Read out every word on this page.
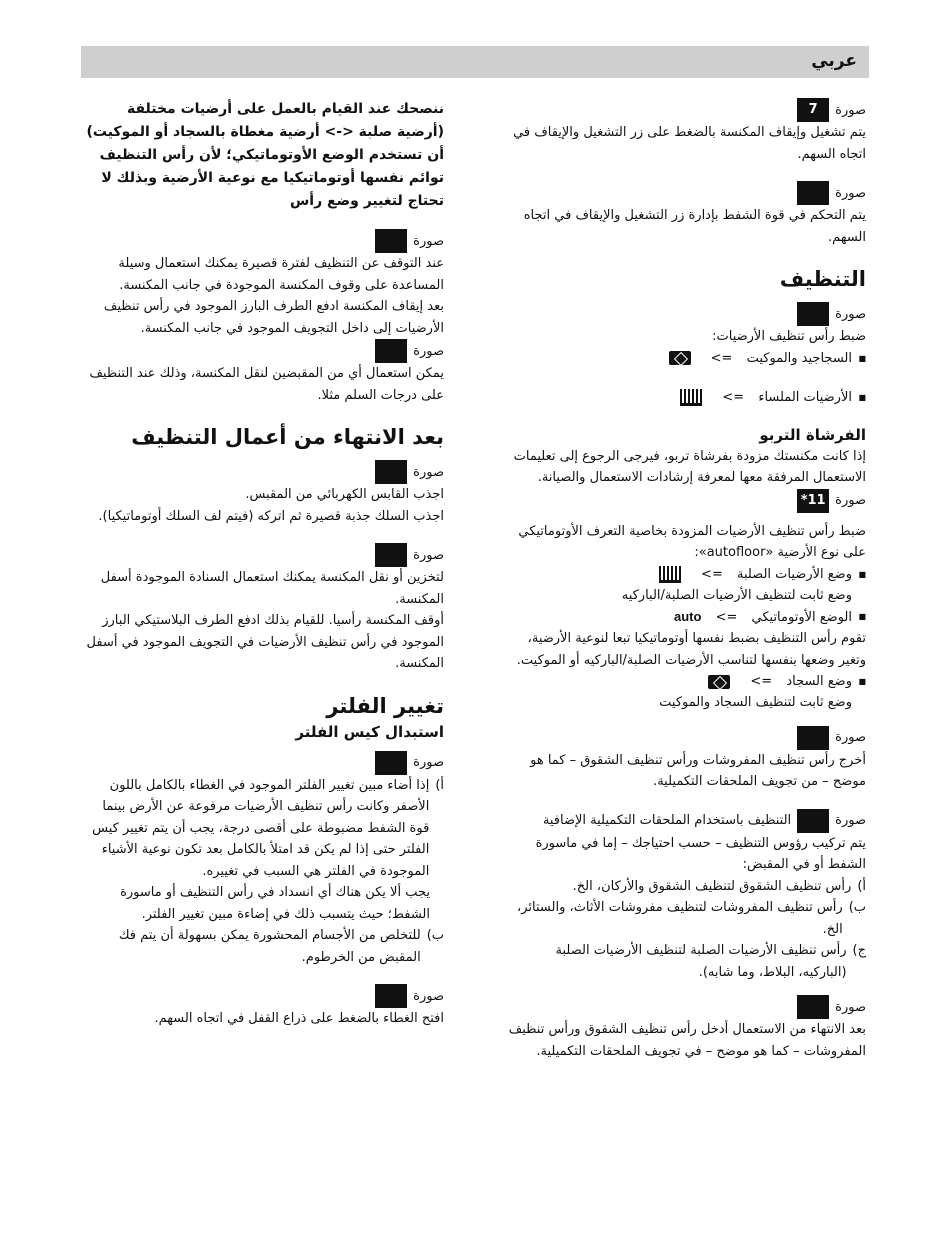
عربي
صورة
7

يتم تشغيل وإيقاف المكنسة بالضغط على زر التشغيل والإيقاف في اتجاه السهم.

صورة

يتم التحكم في قوة الشفط بإدارة زر التشغيل والإيقاف في اتجاه السهم.

التنظيف
صورة

ضبط رأس تنظيف الأرضيات:

■ السجاجيد والموكيت =>
■ الأرضيات الملساء =>
الفرشاة التربو

إذا كانت مكنستك مزودة بفرشاة تربو، فيرجى الرجوع إلى تعليمات الاستعمال المرفقة معها لمعرفة إرشادات الاستعمال والصيانة.

صورة
11*

ضبط رأس تنظيف الأرضيات المزودة بخاصية التعرف الأوتوماتيكي على نوع الأرضية «autofloor»:

■ وضع الأرضيات الصلبة =>

وضع ثابت لتنظيف الأرضيات الصلبة/الباركيه

■ الوضع الأوتوماتيكي => auto

تقوم رأس التنظيف بضبط نفسها أوتوماتيكيا تبعا لنوعية الأرضية، وتغير وضعها بنفسها لتناسب الأرضيات الصلبة/الباركيه أو الموكيت.

■ وضع السجاد =>

وضع ثابت لتنظيف السجاد والموكيت

صورة

أخرج رأس تنظيف المفروشات ورأس تنظيف الشقوق – كما هو موضح – من تجويف الملحقات التكميلية.

صورة
التنظيف باستخدام الملحقات التكميلية الإضافية

يتم تركيب رؤوس التنظيف – حسب احتياجك – إما في ماسورة الشفط أو في المقبض:

أ)
رأس تنظيف الشقوق لتنظيف الشقوق والأركان، الخ.
ب)
رأس تنظيف المفروشات لتنظيف مفروشات الأثاث، والستائر، الخ.
ج)
رأس تنظيف الأرضيات الصلبة لتنظيف الأرضيات الصلبة (الباركيه، البلاط، وما شابه).
صورة

بعد الانتهاء من الاستعمال أدخل رأس تنظيف الشقوق ورأس تنظيف المفروشات – كما هو موضح – في تجويف الملحقات التكميلية.

ننصحك عند القيام بالعمل على أرضيات مختلفة (أرضية صلبة <-> أرضية مغطاة بالسجاد أو الموكيت) أن تستخدم الوضع الأوتوماتيكي؛ لأن رأس التنظيف توائم نفسها أوتوماتيكيا مع نوعية الأرضية وبذلك لا تحتاج لتغيير وضع رأس

صورة

عند التوقف عن التنظيف لفترة قصيرة يمكنك استعمال وسيلة المساعدة على وقوف المكنسة الموجودة في جانب المكنسة.

بعد إيقاف المكنسة ادفع الطرف البارز الموجود في رأس تنظيف الأرضيات إلى داخل التجويف الموجود في جانب المكنسة.

صورة

يمكن استعمال أي من المقبضين لنقل المكنسة، وذلك عند التنظيف على درجات السلم مثلا.

بعد الانتهاء من أعمال التنظيف
صورة

اجذب القابس الكهربائي من المقبس.

اجذب السلك جذبة قصيرة ثم اتركه (فيتم لف السلك أوتوماتيكيا).

صورة

لتخزين أو نقل المكنسة يمكنك استعمال السنادة الموجودة أسفل المكنسة.

أوقف المكنسة رأسيا. للقيام بذلك ادفع الطرف البلاستيكي البارز الموجود في رأس تنظيف الأرضيات في التجويف الموجود في أسفل المكنسة.

تغيير الفلتر
استبدال كيس الفلتر
صورة
أ)
إذا أضاء مبين تغيير الفلتر الموجود في الغطاء بالكامل باللون الأصفر وكانت رأس تنظيف الأرضيات مرفوعة عن الأرض بينما قوة الشفط مضبوطة على أقصى درجة، يجب أن يتم تغيير كيس الفلتر حتى إذا لم يكن قد امتلأ بالكامل بعد تكون نوعية الأشياء الموجودة في الفلتر هي السبب في تغييره.

يجب ألا يكن هناك أي انسداد في رأس التنظيف أو ماسورة الشفط؛ حيث يتسبب ذلك في إضاءة مبين تغيير الفلتر.

ب)
للتخلص من الأجسام المحشورة يمكن بسهولة أن يتم فك المقبض من الخرطوم.
صورة

افتح الغطاء بالضغط على ذراع القفل في اتجاه السهم.
